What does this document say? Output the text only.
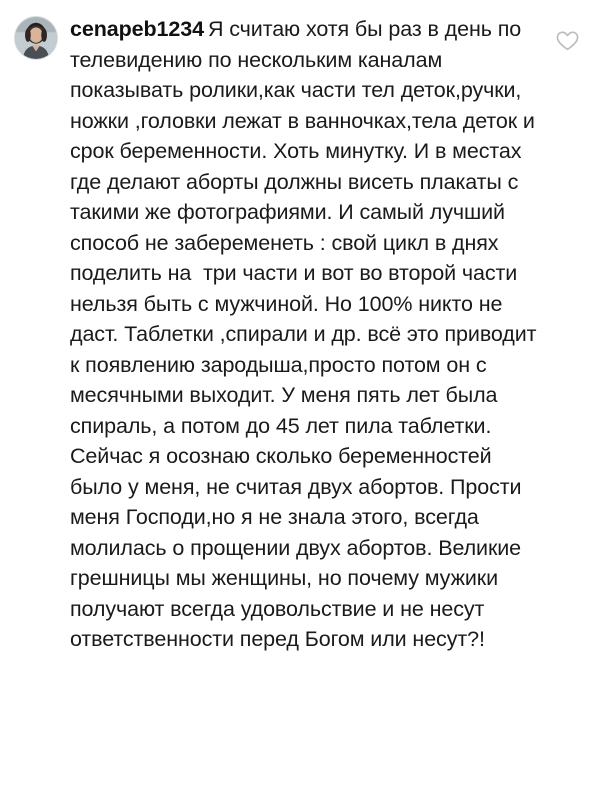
cenapeb1234 Я считаю хотя бы раз в день по телевидению по нескольким каналам показывать ролики,как части тел деток,ручки, ножки ,головки лежат в ванночках,тела деток и срок беременности. Хоть минутку. И в местах где делают аборты должны висеть плакаты с такими же фотографиями. И самый лучший способ не забеременеть : свой цикл в днях поделить на  три части и вот во второй части нельзя быть с мужчиной. Но 100% никто не даст. Таблетки ,спирали и др. всё это приводит к появлению зародыша,просто потом он с месячными выходит. У меня пять лет была спираль, а потом до 45 лет пила таблетки. Сейчас я осознаю сколько беременностей было у меня, не считая двух абортов. Прости меня Господи,но я не знала этого, всегда молилась о прощении двух абортов. Великие грешницы мы женщины, но почему мужики получают всегда удовольствие и не несут ответственности перед Богом или несут?!
